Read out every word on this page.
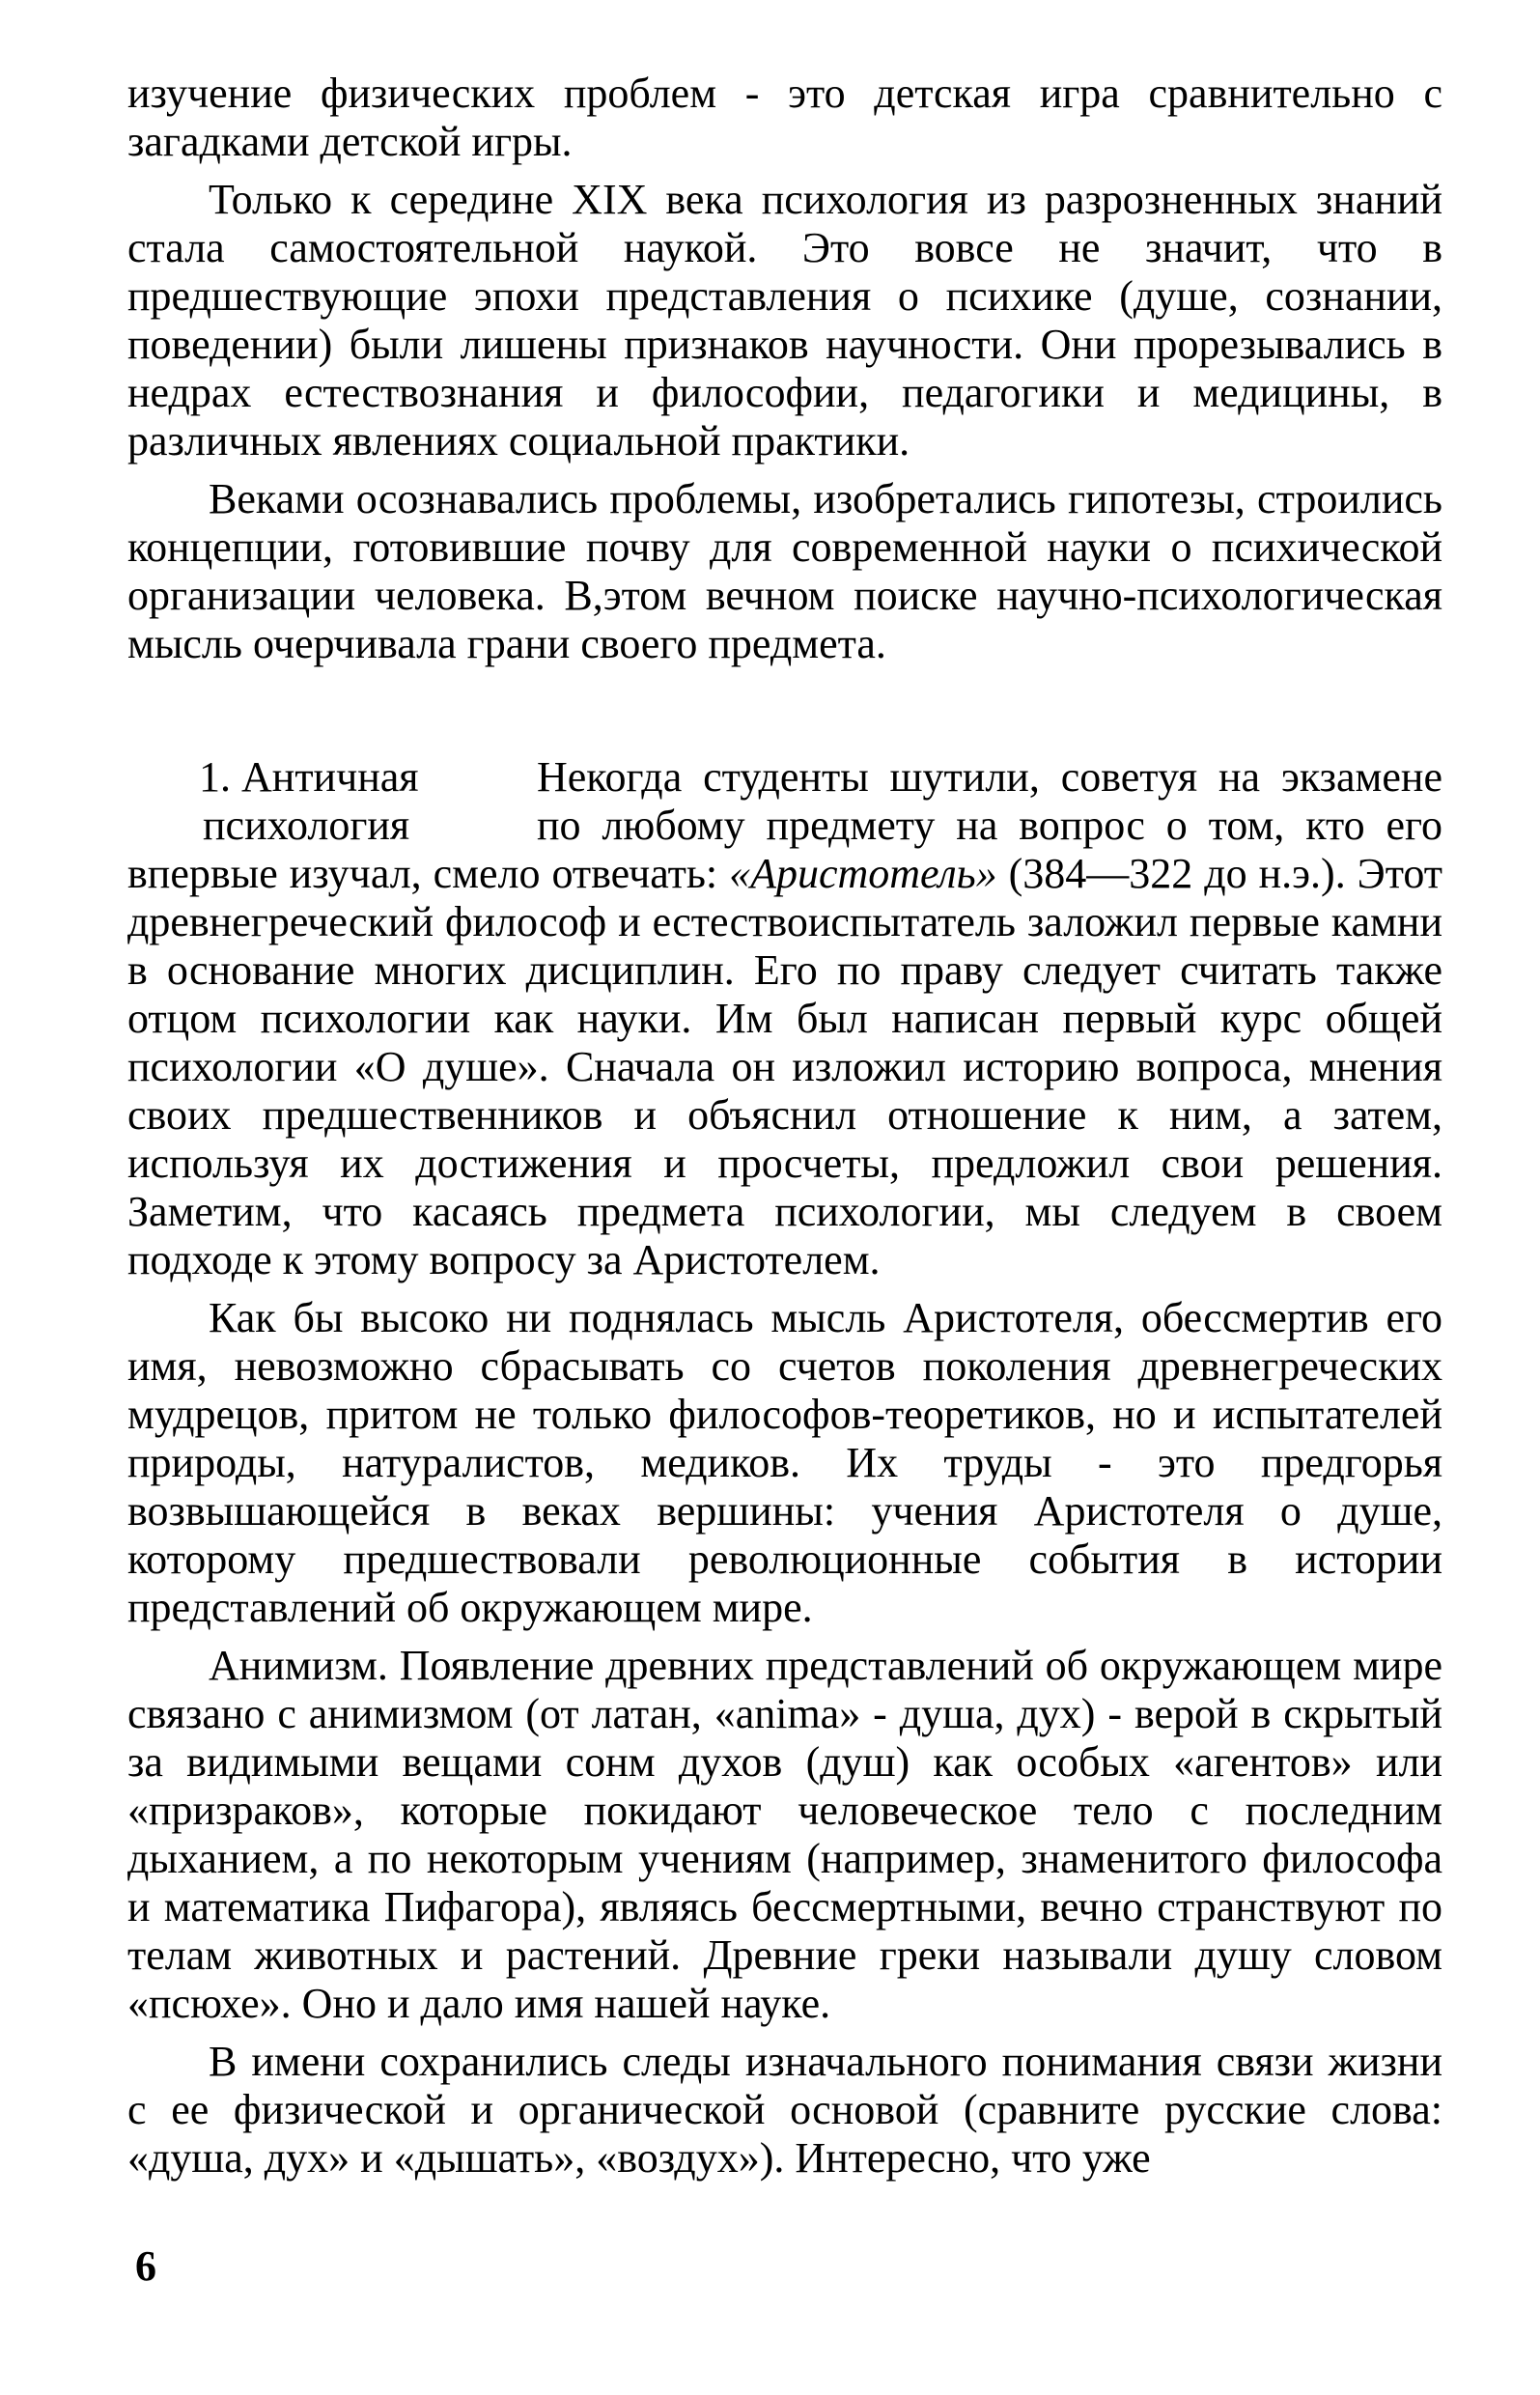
изучение физических проблем - это детская игра сравнительно с загадками детской игры.

Только к середине XIX века психология из разрозненных знаний стала самостоятельной наукой. Это вовсе не значит, что в предшествующие эпохи представления о психике (душе, сознании, поведении) были лишены признаков научности. Они прорезывались в недрах естествознания и философии, педагогики и медицины, в различных явлениях социальной практики.

Веками осознавались проблемы, изобретались гипотезы, строились концепции, готовившие почву для современной науки о психической организации человека. В,этом вечном поиске научно-психологическая мысль очерчивала грани своего предмета.

1. Античная
психология

Некогда студенты шутили, советуя на экзамене по любому предмету на вопрос о том, кто его впервые изучал, смело отвечать: «Аристотель» (384—322 до н.э.). Этот древнегреческий философ и естествоиспытатель заложил первые камни в основание многих дисциплин. Его по праву следует считать также отцом психологии как науки. Им был написан первый курс общей психологии «О душе». Сначала он изложил историю вопроса, мнения своих предшественников и объяснил отношение к ним, а затем, используя их достижения и просчеты, предложил свои решения. Заметим, что касаясь предмета психологии, мы следуем в своем подходе к этому вопросу за Аристотелем.

Как бы высоко ни поднялась мысль Аристотеля, обессмертив его имя, невозможно сбрасывать со счетов поколения древнегреческих мудрецов, притом не только философов-теоретиков, но и испытателей природы, натуралистов, медиков. Их труды - это предгорья возвышающейся в веках вершины: учения Аристотеля о душе, которому предшествовали революционные события в истории представлений об окружающем мире.

Анимизм. Появление древних представлений об окружающем мире связано с анимизмом (от латан, «anima» - душа, дух) - верой в скрытый за видимыми вещами сонм духов (душ) как особых «агентов» или «призраков», которые покидают человеческое тело с последним дыханием, а по некоторым учениям (например, знаменитого философа и математика Пифагора), являясь бессмертными, вечно странствуют по телам животных и растений. Древние греки называли душу словом «псюхе». Оно и дало имя нашей науке.

В имени сохранились следы изначального понимания связи жизни с ее физической и органической основой (сравните русские слова: «душа, дух» и «дышать», «воздух»). Интересно, что уже

6
